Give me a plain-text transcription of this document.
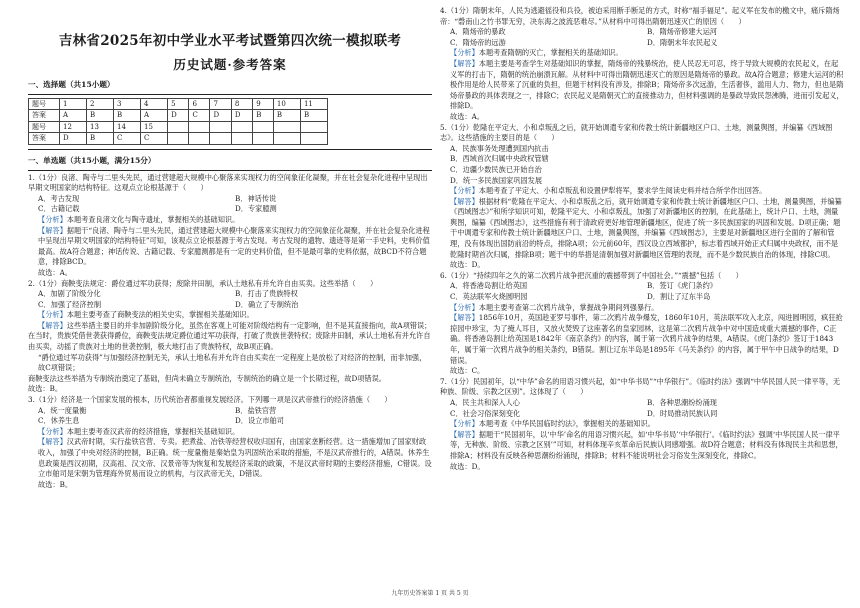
吉林省2025年初中学业水平考试暨第四次统一模拟联考
历史试题·参考答案
一、选择题（共15小题）
题号	1	2	3	4	5	6	7	8	9	10	11
答案	A	B	B	A	D	C	D	D	B	B	B
题号	12	13	14	15							
答案	D	B	C	C							
一、单选题（共15小题，满分15分）

1.（1分）良渚、陶寺与二里头先民，通过营建超大规模中心聚落来实现权力的空间象征化凝聚，并在社会复杂化进程中呈现出早期文明国家的结构特征。这观点立论根基源于（　　）

A．考古发现	B．神话传说
C．古籍记载	D．专家臆测

【分析】本题考查良渚文化与陶寺遗址，掌握相关的基础知识。

【解答】据题干“良渚、陶寺与二里头先民，通过营建超大规模中心聚落来实现权力的空间象征化凝聚，并在社会复杂化进程中呈现出早期文明国家的结构特征”可知，该观点立论根基源于考古发现。考古发现的遗物、遗迹等是第一手史料，史料价值最高。故A符合题意；神话传说、古籍记载、专家臆测都是有一定的史料价值，但不是最可靠的史料依据，故BCD不符合题意，排除BCD。

故选：A。

2.（1分）商鞅变法规定：爵位通过军功获得；废除井田制，承认土地私有并允许自由买卖。这些举措（　　）

A．加剧了阶级分化	B．打击了贵族特权
C．加强了经济控制	D．确立了专制统治

【分析】本题主要考查了商鞅变法的相关史实，掌握相关基础知识。

【解答】这些举措主要目的并非加剧阶级分化，虽然在客观上可能对阶级结构有一定影响，但不是其直接指向，故A项错误；

在当时，贵族凭借世袭获得爵位，商鞅变法规定爵位通过军功获得，打破了贵族世袭特权；废除井田制，承认土地私有并允许自由买卖，动摇了贵族对土地的世袭控制，极大地打击了贵族特权，故B项正确。

“爵位通过军功获得”与加强经济控制无关，承认土地私有并允许自由买卖在一定程度上是放松了对经济的控制，而非加强，故C项错误；

商鞅变法这些举措为专制统治奠定了基础，但尚未确立专制统治，专制统治的确立是一个长期过程，故D项错误。

故选：B。

3.（1分）经济是一个国家发展的根本，历代统治者都重视发展经济。下列哪一项是汉武帝推行的经济措施（　　）

A．统一度量衡	B．盐铁官营
C．休养生息	D．设立市舶司

【分析】本题主要考查汉武帝的经济措施，掌握相关基础知识。

【解答】汉武帝时期，实行盐铁官营、专卖。把煮盐、冶铁等经营权收归国有，由国家垄断经营。这一措施增加了国家财政收入，加强了中央对经济的控制，B正确。统一度量衡是秦始皇为巩固统治采取的措施，不是汉武帝推行的，A错误。休养生息政策是西汉初期，汉高祖、汉文帝、汉景帝等为恢复和发展经济采取的政策，不是汉武帝时期的主要经济措施，C错误。设立市舶司是宋朝为管理海外贸易而设立的机构，与汉武帝无关，D错误。

故选：B。

4.（1分）隋朝末年，人民为逃避徭役和兵役，被迫采用断手断足的方式，时称“福手福足”。起义军在发布的檄文中，痛斥隋炀帝：“磬南山之竹书罪无穷，决东海之波流恶难尽。”从材料中可得出隋朝迅速灭亡的原因（　　）

A．隋炀帝的暴政	B．隋炀帝修建大运河
C．隋炀帝的远游	D．隋朝末年农民起义

【分析】本题考查隋朝的灭亡，掌握相关的基础知识。

【解答】本题主要是考查学生对基础知识的掌握，隋炀帝的残暴统治，使人民忍无可忍，终于导致大规模的农民起义，在起义军的打击下，隋朝的统治崩溃瓦解。从材料中可得出隋朝迅速灭亡的原因是隋炀帝的暴政。故A符合题意；修建大运河的积极作用是给人民带来了沉重的负担，但题干材料没有涉及，排除B；隋炀帝多次远游，生活奢侈，滥用人力、物力，但也是隋炀帝暴政的具体表现之一，排除C；农民起义是隋朝灭亡的直接推动力，但材料强调的是暴政导致民怨沸腾，进而引发起义，排除D。

故选：A。

5.（1分）乾隆在平定大、小和卓叛乱之后，就开始调遣专家和传教士统计新疆地区户口、土地，测量舆图，并编纂《西域图志》。这些措施的主要目的是（　　）

A．民族事务处理遭到国内抗击
B．西域首次归属中央政权管辖
C．边疆少数民族已开始自治
D．统一多民族国家巩固发展

【分析】本题考查了平定大、小和卓叛乱和设置伊犁将军，要求学生阅读史料并结合所学作出回答。

【解答】根据材料“乾隆在平定大、小和卓叛乱之后，就开始调遣专家和传教士统计新疆地区户口、土地，测量舆图，并编纂《西域图志》”和所学知识可知，乾隆平定大、小和卓叛乱，加强了对新疆地区的控制，在此基础上，统计户口、土地，测量舆图，编纂《西域图志》，这些措施有利于清政府更好地管理新疆地区，促进了统一多民族国家的巩固和发展。D项正确；题干中调遣专家和传教士统计新疆地区户口、土地，测量舆图，并编纂《西域图志》，主要是对新疆地区进行全面的了解和管理，没有体现出国防前沿的特点，排除A项；公元前60年，西汉设立西域都护，标志着西域开始正式归属中央政权，而不是乾隆时期首次归属，排除B项；题干中的举措是清朝加强对新疆地区管理的表现，而不是少数民族自治的体现，排除C项。

故选：D。

6.（1分）“持续四年之久的第二次鸦片战争把沉重的震撼带到了中国社会。”“震撼”包括（　　）

A．将香港岛割让给英国	B．签订《虎门条约》
C．英法联军火烧圆明园	D．割让了辽东半岛

【分析】本题主要考查第二次鸦片战争，掌握战争期间列强暴行。

【解答】1856年10月，英国趁亚罗号事件，第二次鸦片战争爆发，1860年10月，英法联军攻入北京，闯进圆明园，疯狂抢掠园中珍宝，为了掩人耳目，又放火焚毁了这座著名的皇家园林，这是第二次鸦片战争中对中国造成重大震撼的事件，C正确。将香港岛割让给英国是1842年《南京条约》的内容，属于第一次鸦片战争的结果，A错误。《虎门条约》签订于1843年，属于第一次鸦片战争的相关条约，B错误。割让辽东半岛是1895年《马关条约》的内容，属于甲午中日战争的结果，D错误。

故选：C。

7.（1分）民国初年，以“中华”命名的用语习惯兴起，如“中华书局”“中华银行”。《临时约法》强调“中华民国人民一律平等，无种族、阶级、宗教之区别”。这体现了（　　）

A．民主共和深入人心	B．各种思潮纷纷涌现
C．社会习俗深刻变化	D．时局推动民族认同

【分析】本题考查《中华民国临时约法》，掌握相关的基础知识。

【解答】据题干“民国初年，以‘中华’命名的用语习惯兴起，如‘中华书局’‘中华银行’。《临时约法》强调‘中华民国人民一律平等，无种族、阶级、宗教之区别’”可知，材料体现辛亥革命后民族认同感增强。故D符合题意；材料没有体现民主共和思想，排除A；材料没有反映各种思潮纷纷涌现，排除B；材料不能说明社会习俗发生深刻变化，排除C。

故选：D。

九年历史答案第 1 页 共 5 页
